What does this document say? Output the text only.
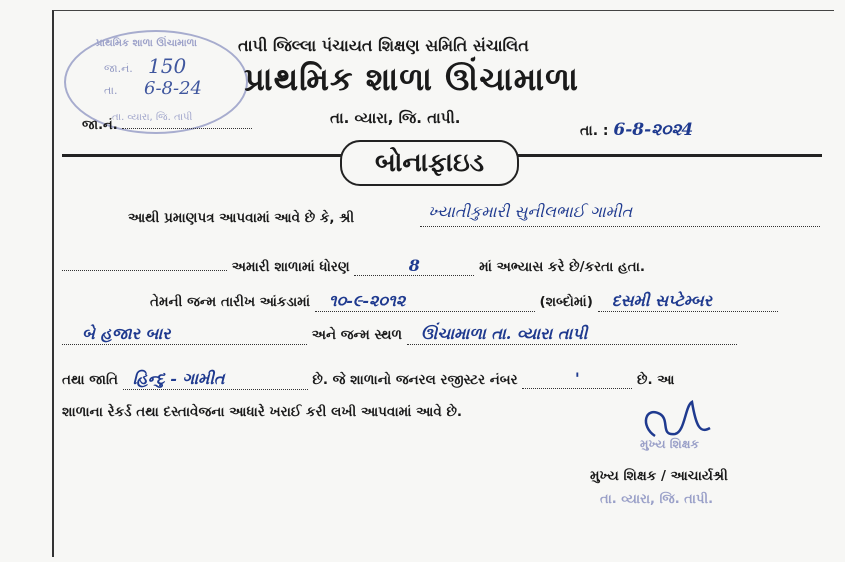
પ્રાથમિક શાળા ઊંચામાળા
જા.નં. 150
તા. 6-8-24
તા. વ્યારા, જિ. તાપી
તાપી જિલ્લા પંચાયત શિક્ષણ સમિતિ સંચાલિત
પ્રાથમિક શાળા ઊંચામાળા
તા. વ્યારા, જિ. તાપી.
જા.નં.	તા. : 6-8-૨૦૨4
બોનાફાઇડ
આથી પ્રમાણપત્ર આપવામાં આવે છે કે, શ્રી	ખ્યાતીકુમારી સુનીલભાઈ ગામીત
અમારી શાળામાં ધોરણ	8	માં અભ્યાસ કરે છે/કરતા હતા.
તેમની જન્મ તારીખ આંકડામાં ૧૦-૯-૨૦૧૨	(શબ્દોમાં) દસમી સપ્ટેમ્બર
બે હજાર બાર	અને જન્મ સ્થળ ઊંચામાળા તા. વ્યારા તાપી
તથા જાતિ હિન્દુ - ગામીત	છે. જે શાળાનો જનરલ રજીસ્ટર નંબર	'	છે. આ
શાળાના રેકર્ડ તથા દસ્તાવેજના આધારે ખરાઈ કરી લખી આપવામાં આવે છે.
મુખ્ય શિક્ષક
મુખ્ય શિક્ષક / આચાર્યશ્રી
તા. વ્યારા, જિ. તાપી.
